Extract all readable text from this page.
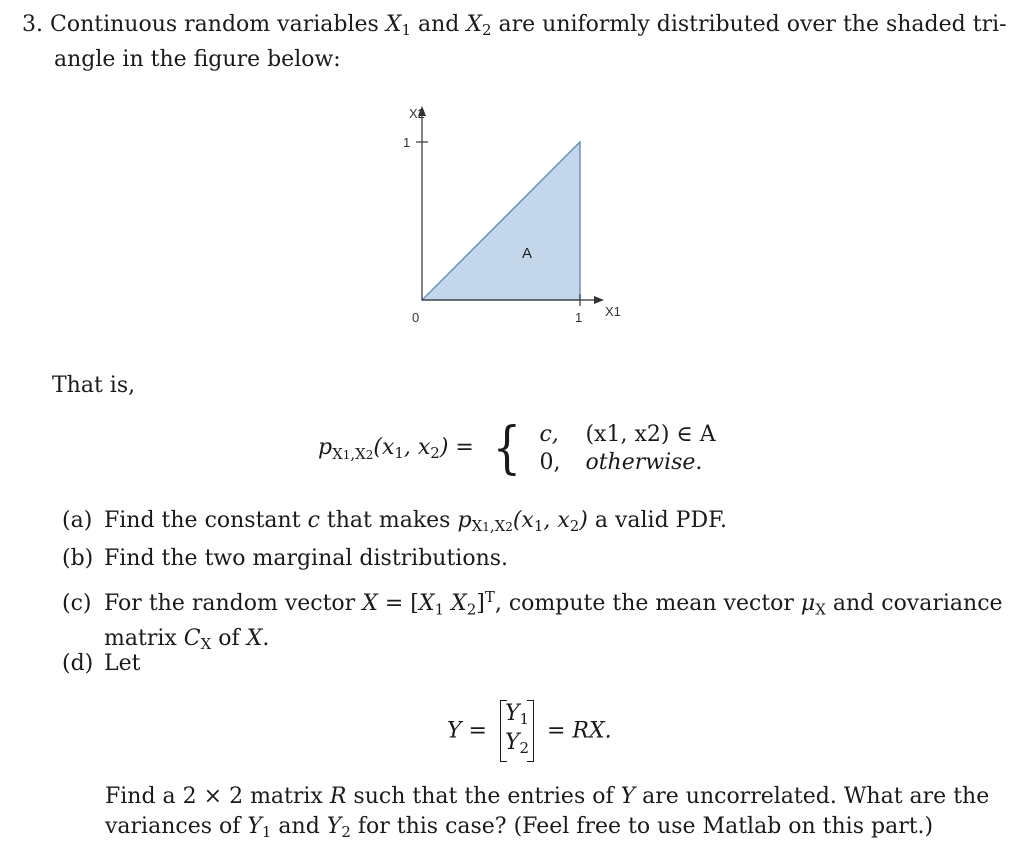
3. Continuous random variables $X_1$ and $X_2$ are uniformly distributed over the shaded tri-
angle in the figure below:
X2
1
0	1 X1
A
That is,
$p_{X1,X2}(x_1$, $x_2$) = { c, (x1, x2) ∈ A
0, otherwise.
(a) Find the constant c that makes $p_{X1,X2}(x_1$, $x_2$) a valid PDF.
(b) Find the two marginal distributions.
(c) For the random vector $X = [X_1$ $X_2]^T$, compute the mean vector $\mu_X$ and covariance
matrix $C_X$ of X.
(d) Let
Y =
$Y_1$
$Y_2$
= RX.
Find a 2 × 2 matrix R such that the entries of Y are uncorrelated. What are the
variances of $Y_1$ and $Y_2$ for this case? (Feel free to use Matlab on this part.)
